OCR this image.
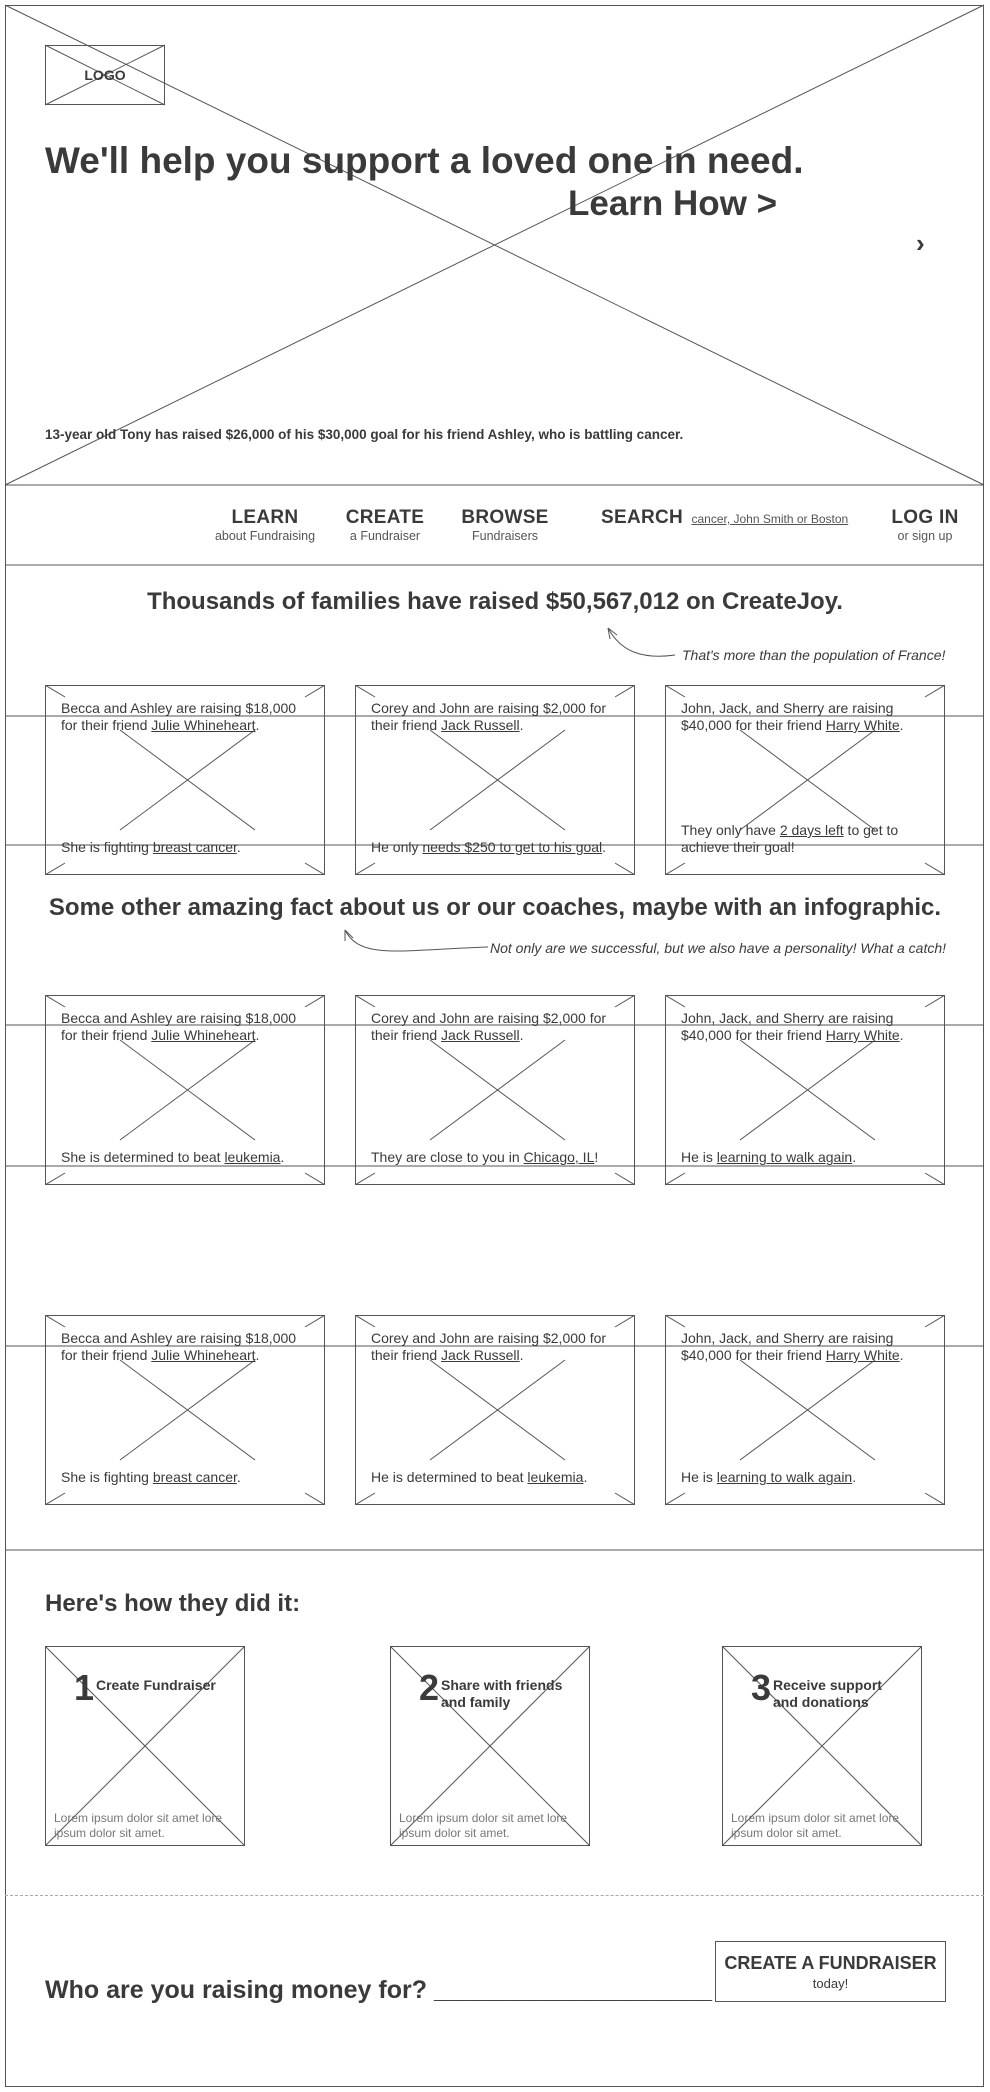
LOGO
We'll help you support a loved one in need.
Learn How >
›
13-year old Tony has raised $26,000 of his $30,000 goal for his friend Ashley, who is battling cancer.
LEARN
about Fundraising
CREATE
a Fundraiser
BROWSE
Fundraisers
SEARCH cancer, John Smith or Boston	LOG IN
or sign up
Thousands of families have raised $50,567,012 on CreateJoy.
That's more than the population of France!
Some other amazing fact about us or our coaches, maybe with an infographic.
Not only are we successful, but we also have a personality! What a catch!
Becca and Ashley are raising $18,000 for their friend Julie Whineheart.
She is fighting breast cancer.
Corey and John are raising $2,000 for their friend Jack Russell.
He only needs $250 to get to his goal.
John, Jack, and Sherry are raising $40,000 for their friend Harry White.
They only have 2 days left to get to achieve their goal!
Becca and Ashley are raising $18,000 for their friend Julie Whineheart.
She is determined to beat leukemia.
Corey and John are raising $2,000 for their friend Jack Russell.
They are close to you in Chicago, IL!
John, Jack, and Sherry are raising $40,000 for their friend Harry White.
He is learning to walk again.
Becca and Ashley are raising $18,000 for their friend Julie Whineheart.
She is fighting breast cancer.
Corey and John are raising $2,000 for their friend Jack Russell.
He is determined to beat leukemia.
John, Jack, and Sherry are raising $40,000 for their friend Harry White.
He is learning to walk again.
Here's how they did it:
1 Create Fundraiser
Lorem ipsum dolor sit amet lore ipsum dolor sit amet.
2 Share with friends and family
Lorem ipsum dolor sit amet lore ipsum dolor sit amet.
3 Receive support and donations
Lorem ipsum dolor sit amet lore ipsum dolor sit amet.
Who are you raising money for? ____________________
CREATE A FUNDRAISER
today!
